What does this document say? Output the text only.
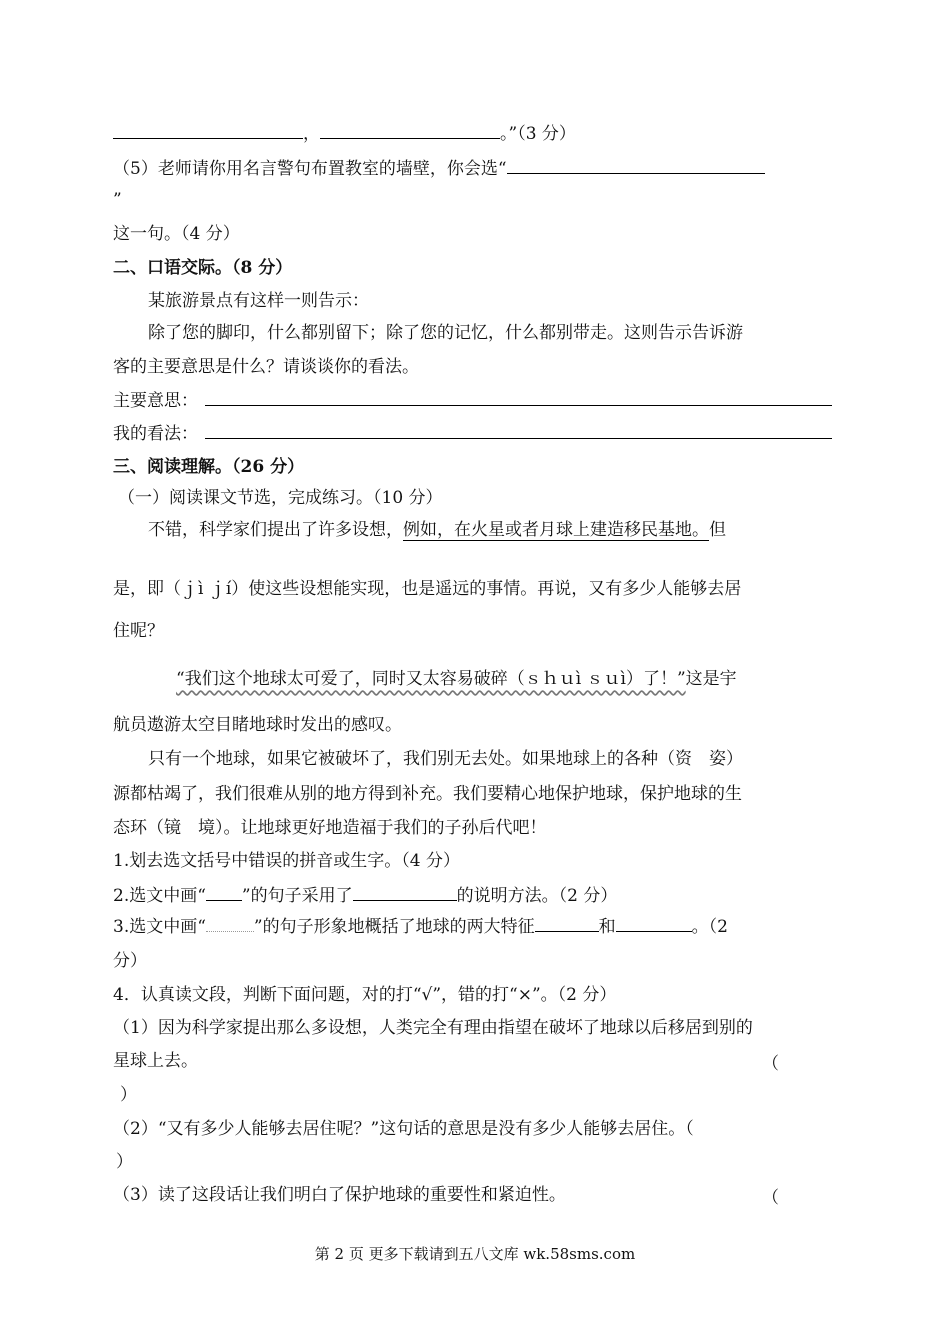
，	。”（3 分）
（5）老师请你用名言警句布置教室的墙壁，你会选“
”
这一句。（4 分）
二、口语交际。（8 分）
某旅游景点有这样一则告示：
除了您的脚印，什么都别留下；除了您的记忆，什么都别带走。这则告示告诉游
客的主要意思是什么？请谈谈你的看法。
主要意思：
我的看法：
三、阅读理解。（26 分）
（一）阅读课文节选，完成练习。（10 分）
不错，科学家们提出了许多设想，例如，在火星或者月球上建造移民基地。但
是，即（ｊì ｊí）使这些设想能实现，也是遥远的事情。再说，又有多少人能够去居
住呢？
“我们这个地球太可爱了，同时又太容易破碎（ｓｈｕì ｓｕì）了！”这是宇
航员遨游太空目睹地球时发出的感叹。
只有一个地球，如果它被破坏了，我们别无去处。如果地球上的各种（资　姿）
源都枯竭了，我们很难从别的地方得到补充。我们要精心地保护地球，保护地球的生
态环（镜　境）。让地球更好地造福于我们的子孙后代吧！
1.划去选文括号中错误的拼音或生字。（4 分）
2.选文中画“ ”的句子采用了	的说明方法。（2 分）
3.选文中画“	”的句子形象地概括了地球的两大特征	和	。（2
分）
4．认真读文段，判断下面问题，对的打“√”，错的打“×”。（2 分）
（1）因为科学家提出那么多设想，人类完全有理由指望在破坏了地球以后移居到别的
星球上去。	（
）
（2）“又有多少人能够去居住呢？”这句话的意思是没有多少人能够去居住。（
）
（3）读了这段话让我们明白了保护地球的重要性和紧迫性。	（
第 2 页 更多下载请到五八文库 wk.58sms.com
